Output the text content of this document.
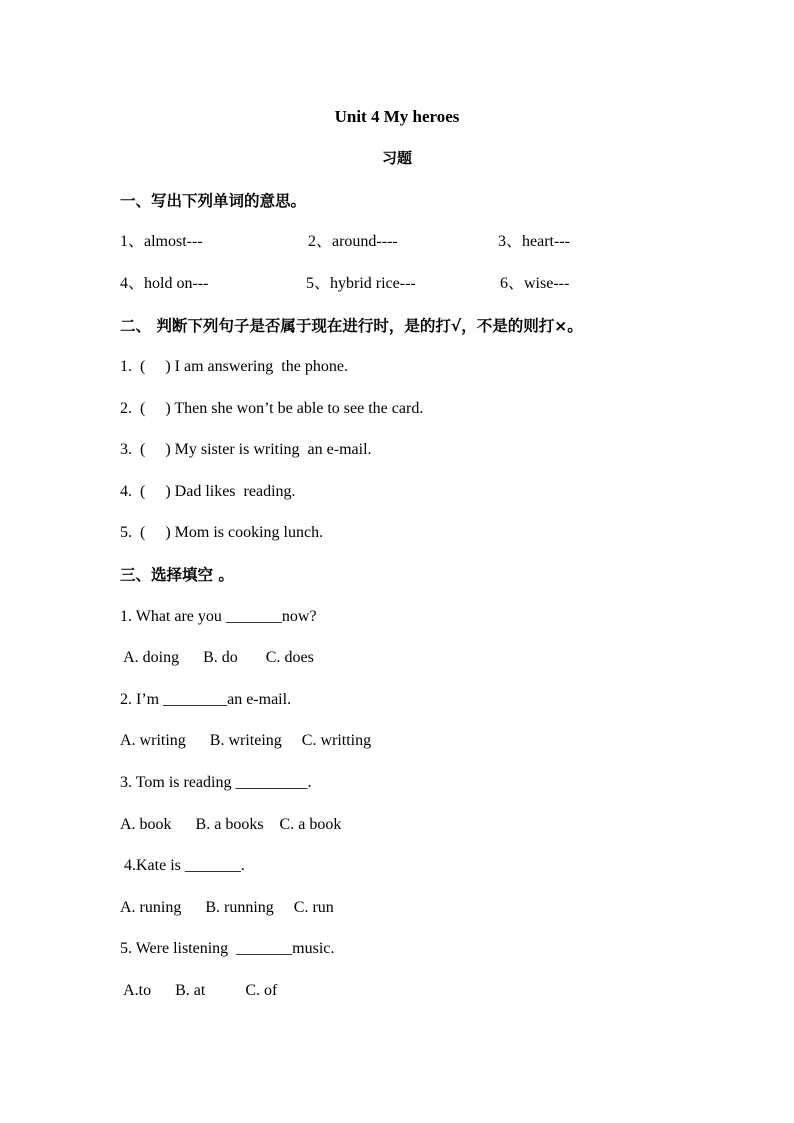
Unit 4 My heroes
习题
一、写出下列单词的意思。
1、almost---	2、around----	3、heart---
4、hold on---	5、hybrid rice---	6、wise---
二、 判断下列句子是否属于现在进行时，是的打√，不是的则打×。
1.  (     ) I am answering  the phone.
2.  (     ) Then she won’t be able to see the card.
3.  (     ) My sister is writing  an e-mail.
4.  (     ) Dad likes  reading.
5.  (     ) Mom is cooking lunch.
三、选择填空 。
1. What are you _______now?
A. doing      B. do       C. does
2. I’m ________an e-mail.
A. writing      B. writeing     C. writting
3. Tom is reading _________.
A. book      B. a books    C. a book
4.Kate is _______.
A. runing      B. running     C. run
5. Were listening  _______music.
A.to      B. at          C. of
